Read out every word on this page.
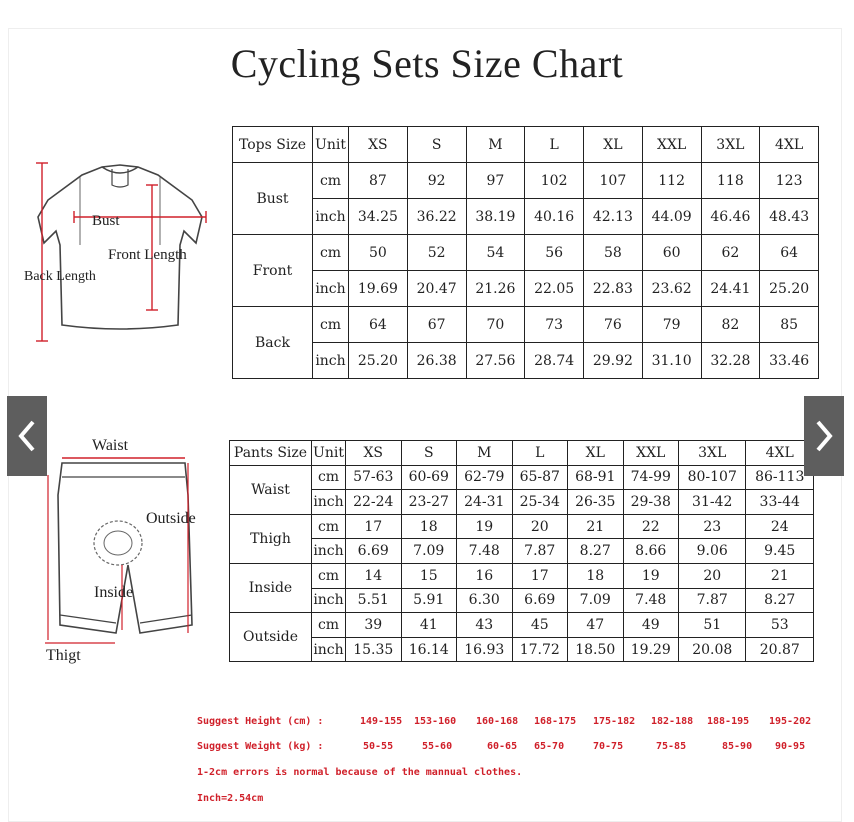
Cycling Sets Size Chart
Bust
Front Length
Back Length
Waist
Outside
Inside
Thigt
Tops Size	Unit	XS	S	M	L	XL	XXL	3XL	4XL
Bust	cm	87	92	97	102	107	112	118	123
	inch	34.25	36.22	38.19	40.16	42.13	44.09	46.46	48.43
Front	cm	50	52	54	56	58	60	62	64
	inch	19.69	20.47	21.26	22.05	22.83	23.62	24.41	25.20
Back	cm	64	67	70	73	76	79	82	85
	inch	25.20	26.38	27.56	28.74	29.92	31.10	32.28	33.46
Pants Size	Unit	XS	S	M	L	XL	XXL	3XL	4XL
Waist	cm	57-63	60-69	62-79	65-87	68-91	74-99	80-107	86-113
	inch	22-24	23-27	24-31	25-34	26-35	29-38	31-42	33-44
Thigh	cm	17	18	19	20	21	22	23	24
	inch	6.69	7.09	7.48	7.87	8.27	8.66	9.06	9.45
Inside	cm	14	15	16	17	18	19	20	21
	inch	5.51	5.91	6.30	6.69	7.09	7.48	7.87	8.27
Outside	cm	39	41	43	45	47	49	51	53
	inch	15.35	16.14	16.93	17.72	18.50	19.29	20.08	20.87
Suggest Height (cm) :	149-155 153-160 160-168 168-175 175-182 182-188 188-195 195-202
Suggest Weight (kg) :	50-55	55-60	60-65 65-70	70-75	75-85	85-90 90-95
1-2cm errors is normal because of the mannual clothes.
Inch=2.54cm
